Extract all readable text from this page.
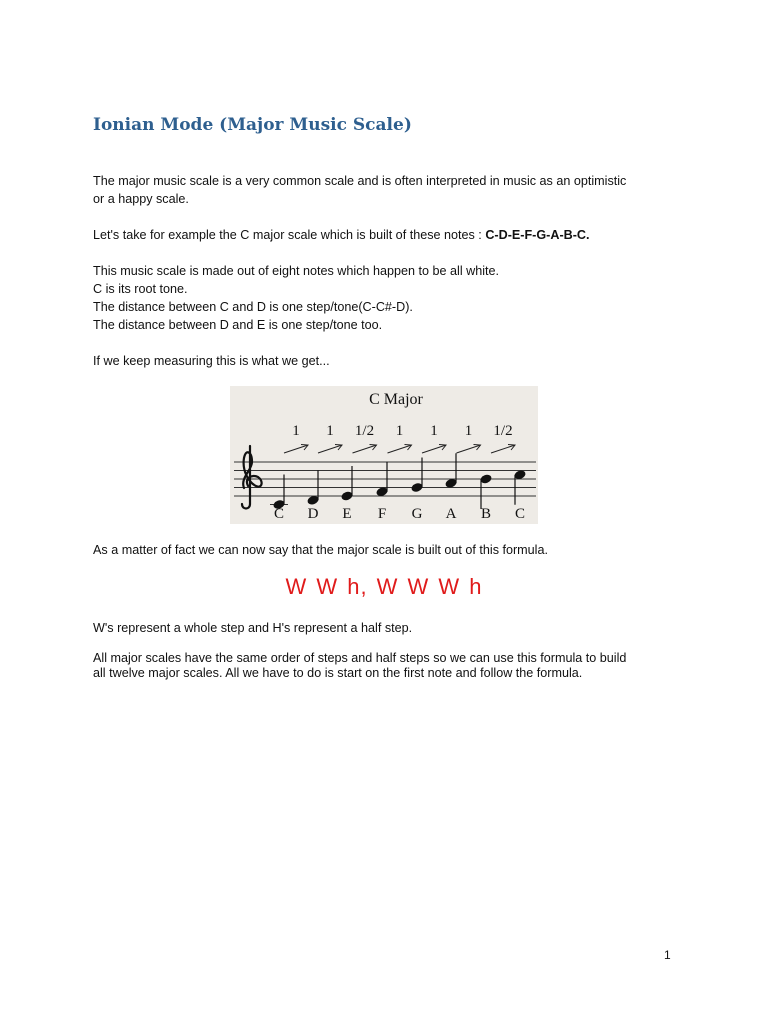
Ionian Mode (Major Music Scale)
The major music scale is a very common scale and is often interpreted in music as an optimistic
or a happy scale.
Let's take for example the C major scale which is built of these notes : C-D-E-F-G-A-B-C.
This music scale is made out of eight notes which happen to be all white.
C is its root tone.
The distance between C and D is one step/tone(C-C#-D).
The distance between D and E is one step/tone too.
If we keep measuring this is what we get...
C Major
1 1 1/2 1 1 1 1/2
C D E F G A B C
As a matter of fact we can now say that the major scale is built out of this formula.
W W h, W W W h
W's represent a whole step and H's represent a half step.
All major scales have the same order of steps and half steps so we can use this formula to build
all twelve major scales. All we have to do is start on the first note and follow the formula.
1
